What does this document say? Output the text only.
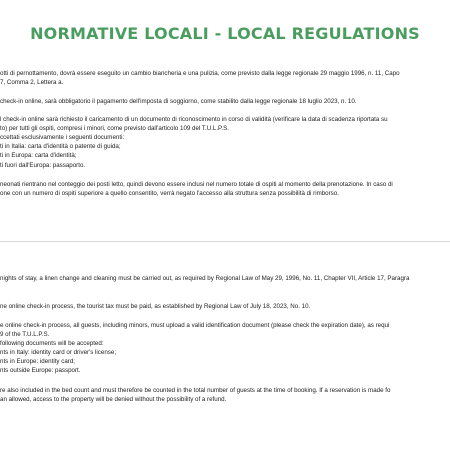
NORMATIVE LOCALI - LOCAL REGULATIONS
otti di pernottamento, dovrà essere eseguito un cambio biancheria e una pulizia, come previsto dalla legge regionale 29 maggio 1996, n. 11, Capo
7, Comma 2, Lettera a.
check-in online, sarà obbligatorio il pagamento dell'imposta di soggiorno, come stabilito dalla legge regionale 18 luglio 2023, n. 10.
l check-in online sarà richiesto il caricamento di un documento di riconoscimento in corso di validità (verificare la data di scadenza riportata su
to) per tutti gli ospiti, compresi i minori, come previsto dall'articolo 109 del T.U.L.P.S.
ccettati esclusivamente i seguenti documenti:
ti in Italia: carta d'identità o patente di guida;
ti in Europa: carta d'identità;
ti fuori dall'Europa: passaporto.
neonati rientrano nel conteggio dei posti letto, quindi devono essere inclusi nel numero totale di ospiti al momento della prenotazione. In caso di
one con un numero di ospiti superiore a quello consentito, verrà negato l'accesso alla struttura senza possibilità di rimborso.
nights of stay, a linen change and cleaning must be carried out, as required by Regional Law of May 29, 1996, No. 11, Chapter VII, Article 17, Paragra
ne online check-in process, the tourist tax must be paid, as established by Regional Law of July 18, 2023, No. 10.
e online check-in process, all guests, including minors, must upload a valid identification document (please check the expiration date), as requi
9 of the T.U.L.P.S.
following documents will be accepted:
nts in Italy: identity card or driver's license;
nts in Europe: identity card;
nts outside Europe: passport.
re also included in the bed count and must therefore be counted in the total number of guests at the time of booking. If a reservation is made fo
an allowed, access to the property will be denied without the possibility of a refund.
